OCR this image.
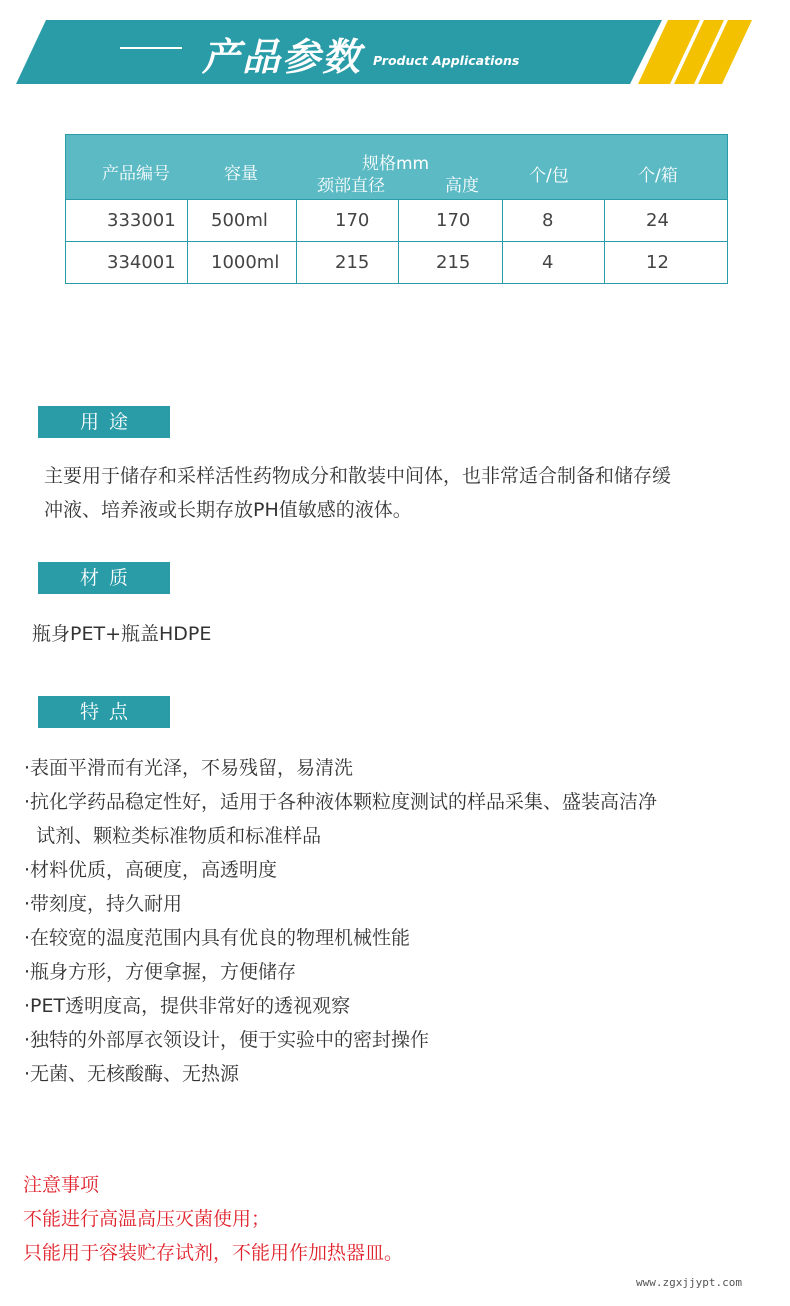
产品参数 Product Applications
产品编号	容量	规格mm
颈部直径	高度	个/包	个/箱
333001 500ml	170	170	8	24
334001 1000ml	215	215	4	12
用途
主要用于储存和采样活性药物成分和散装中间体，也非常适合制备和储存缓
冲液、培养液或长期存放PH值敏感的液体。
材质
瓶身PET+瓶盖HDPE
特点
·表面平滑而有光泽，不易残留，易清洗
·抗化学药品稳定性好，适用于各种液体颗粒度测试的样品采集、盛装高洁净
试剂、颗粒类标准物质和标准样品
·材料优质，高硬度，高透明度
·带刻度，持久耐用
·在较宽的温度范围内具有优良的物理机械性能
·瓶身方形，方便拿握，方便储存
·PET透明度高，提供非常好的透视观察
·独特的外部厚衣领设计，便于实验中的密封操作
·无菌、无核酸酶、无热源
注意事项
不能进行高温高压灭菌使用；
只能用于容装贮存试剂，不能用作加热器皿。
www.zgxjjypt.com
